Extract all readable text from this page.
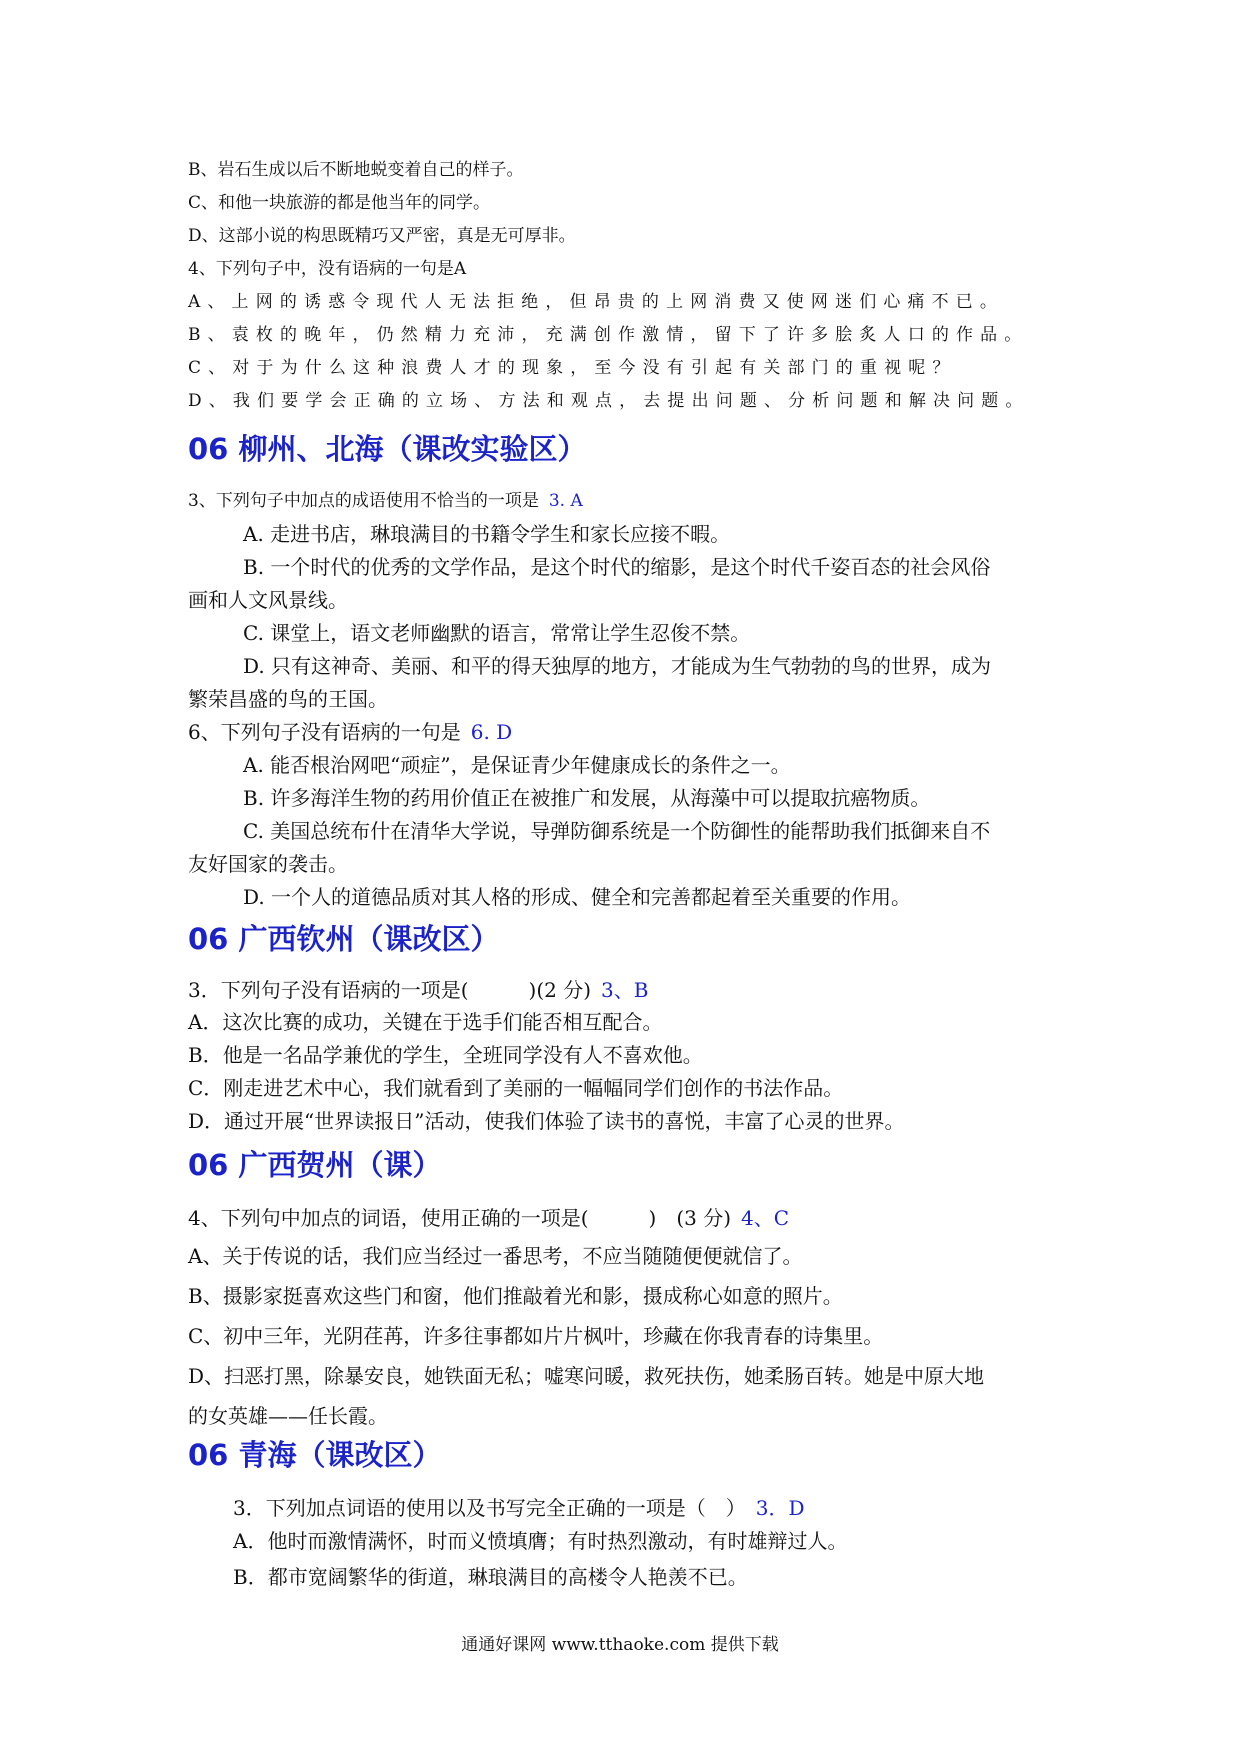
B、岩石生成以后不断地蜕变着自己的样子。
C、和他一块旅游的都是他当年的同学。
D、这部小说的构思既精巧又严密，真是无可厚非。
4、下列句子中，没有语病的一句是A
A、上网的诱惑令现代人无法拒绝，但昂贵的上网消费又使网迷们心痛不已。
B、袁枚的晚年，仍然精力充沛，充满创作激情，留下了许多脍炙人口的作品。
C、对于为什么这种浪费人才的现象，至今没有引起有关部门的重视呢？
D、我们要学会正确的立场、方法和观点，去提出问题、分析问题和解决问题。
06 柳州、北海（课改实验区）
3、下列句子中加点的成语使用不恰当的一项是 3. A
A. 走进书店，琳琅满目的书籍令学生和家长应接不暇。
B. 一个时代的优秀的文学作品，是这个时代的缩影，是这个时代千姿百态的社会风俗
画和人文风景线。
C. 课堂上，语文老师幽默的语言，常常让学生忍俊不禁。
D. 只有这神奇、美丽、和平的得天独厚的地方，才能成为生气勃勃的鸟的世界，成为
繁荣昌盛的鸟的王国。
6、下列句子没有语病的一句是 6. D
A. 能否根治网吧“顽症”，是保证青少年健康成长的条件之一。
B. 许多海洋生物的药用价值正在被推广和发展，从海藻中可以提取抗癌物质。
C. 美国总统布什在清华大学说，导弹防御系统是一个防御性的能帮助我们抵御来自不
友好国家的袭击。
D. 一个人的道德品质对其人格的形成、健全和完善都起着至关重要的作用。
06 广西钦州（课改区）
3．下列句子没有语病的一项是(　　　)(2 分) 3、B
A．这次比赛的成功，关键在于选手们能否相互配合。
B．他是一名品学兼优的学生，全班同学没有人不喜欢他。
C．刚走进艺术中心，我们就看到了美丽的一幅幅同学们创作的书法作品。
D．通过开展“世界读报日”活动，使我们体验了读书的喜悦，丰富了心灵的世界。
06 广西贺州（课）
4、下列句中加点的词语，使用正确的一项是(　　　)　(3 分) 4、C
A、关于传说的话，我们应当经过一番思考，不应当随随便便就信了。
B、摄影家挺喜欢这些门和窗，他们推敲着光和影，摄成称心如意的照片。
C、初中三年，光阴荏苒，许多往事都如片片枫叶，珍藏在你我青春的诗集里。
D、扫恶打黑，除暴安良，她铁面无私；嘘寒问暖，救死扶伤，她柔肠百转。她是中原大地
的女英雄——任长霞。
06 青海（课改区）
3．下列加点词语的使用以及书写完全正确的一项是（　） 3．D
A．他时而激情满怀，时而义愤填膺；有时热烈激动，有时雄辩过人。
B．都市宽阔繁华的街道，琳琅满目的高楼令人艳羡不已。
通通好课网 www.tthaoke.com 提供下载
